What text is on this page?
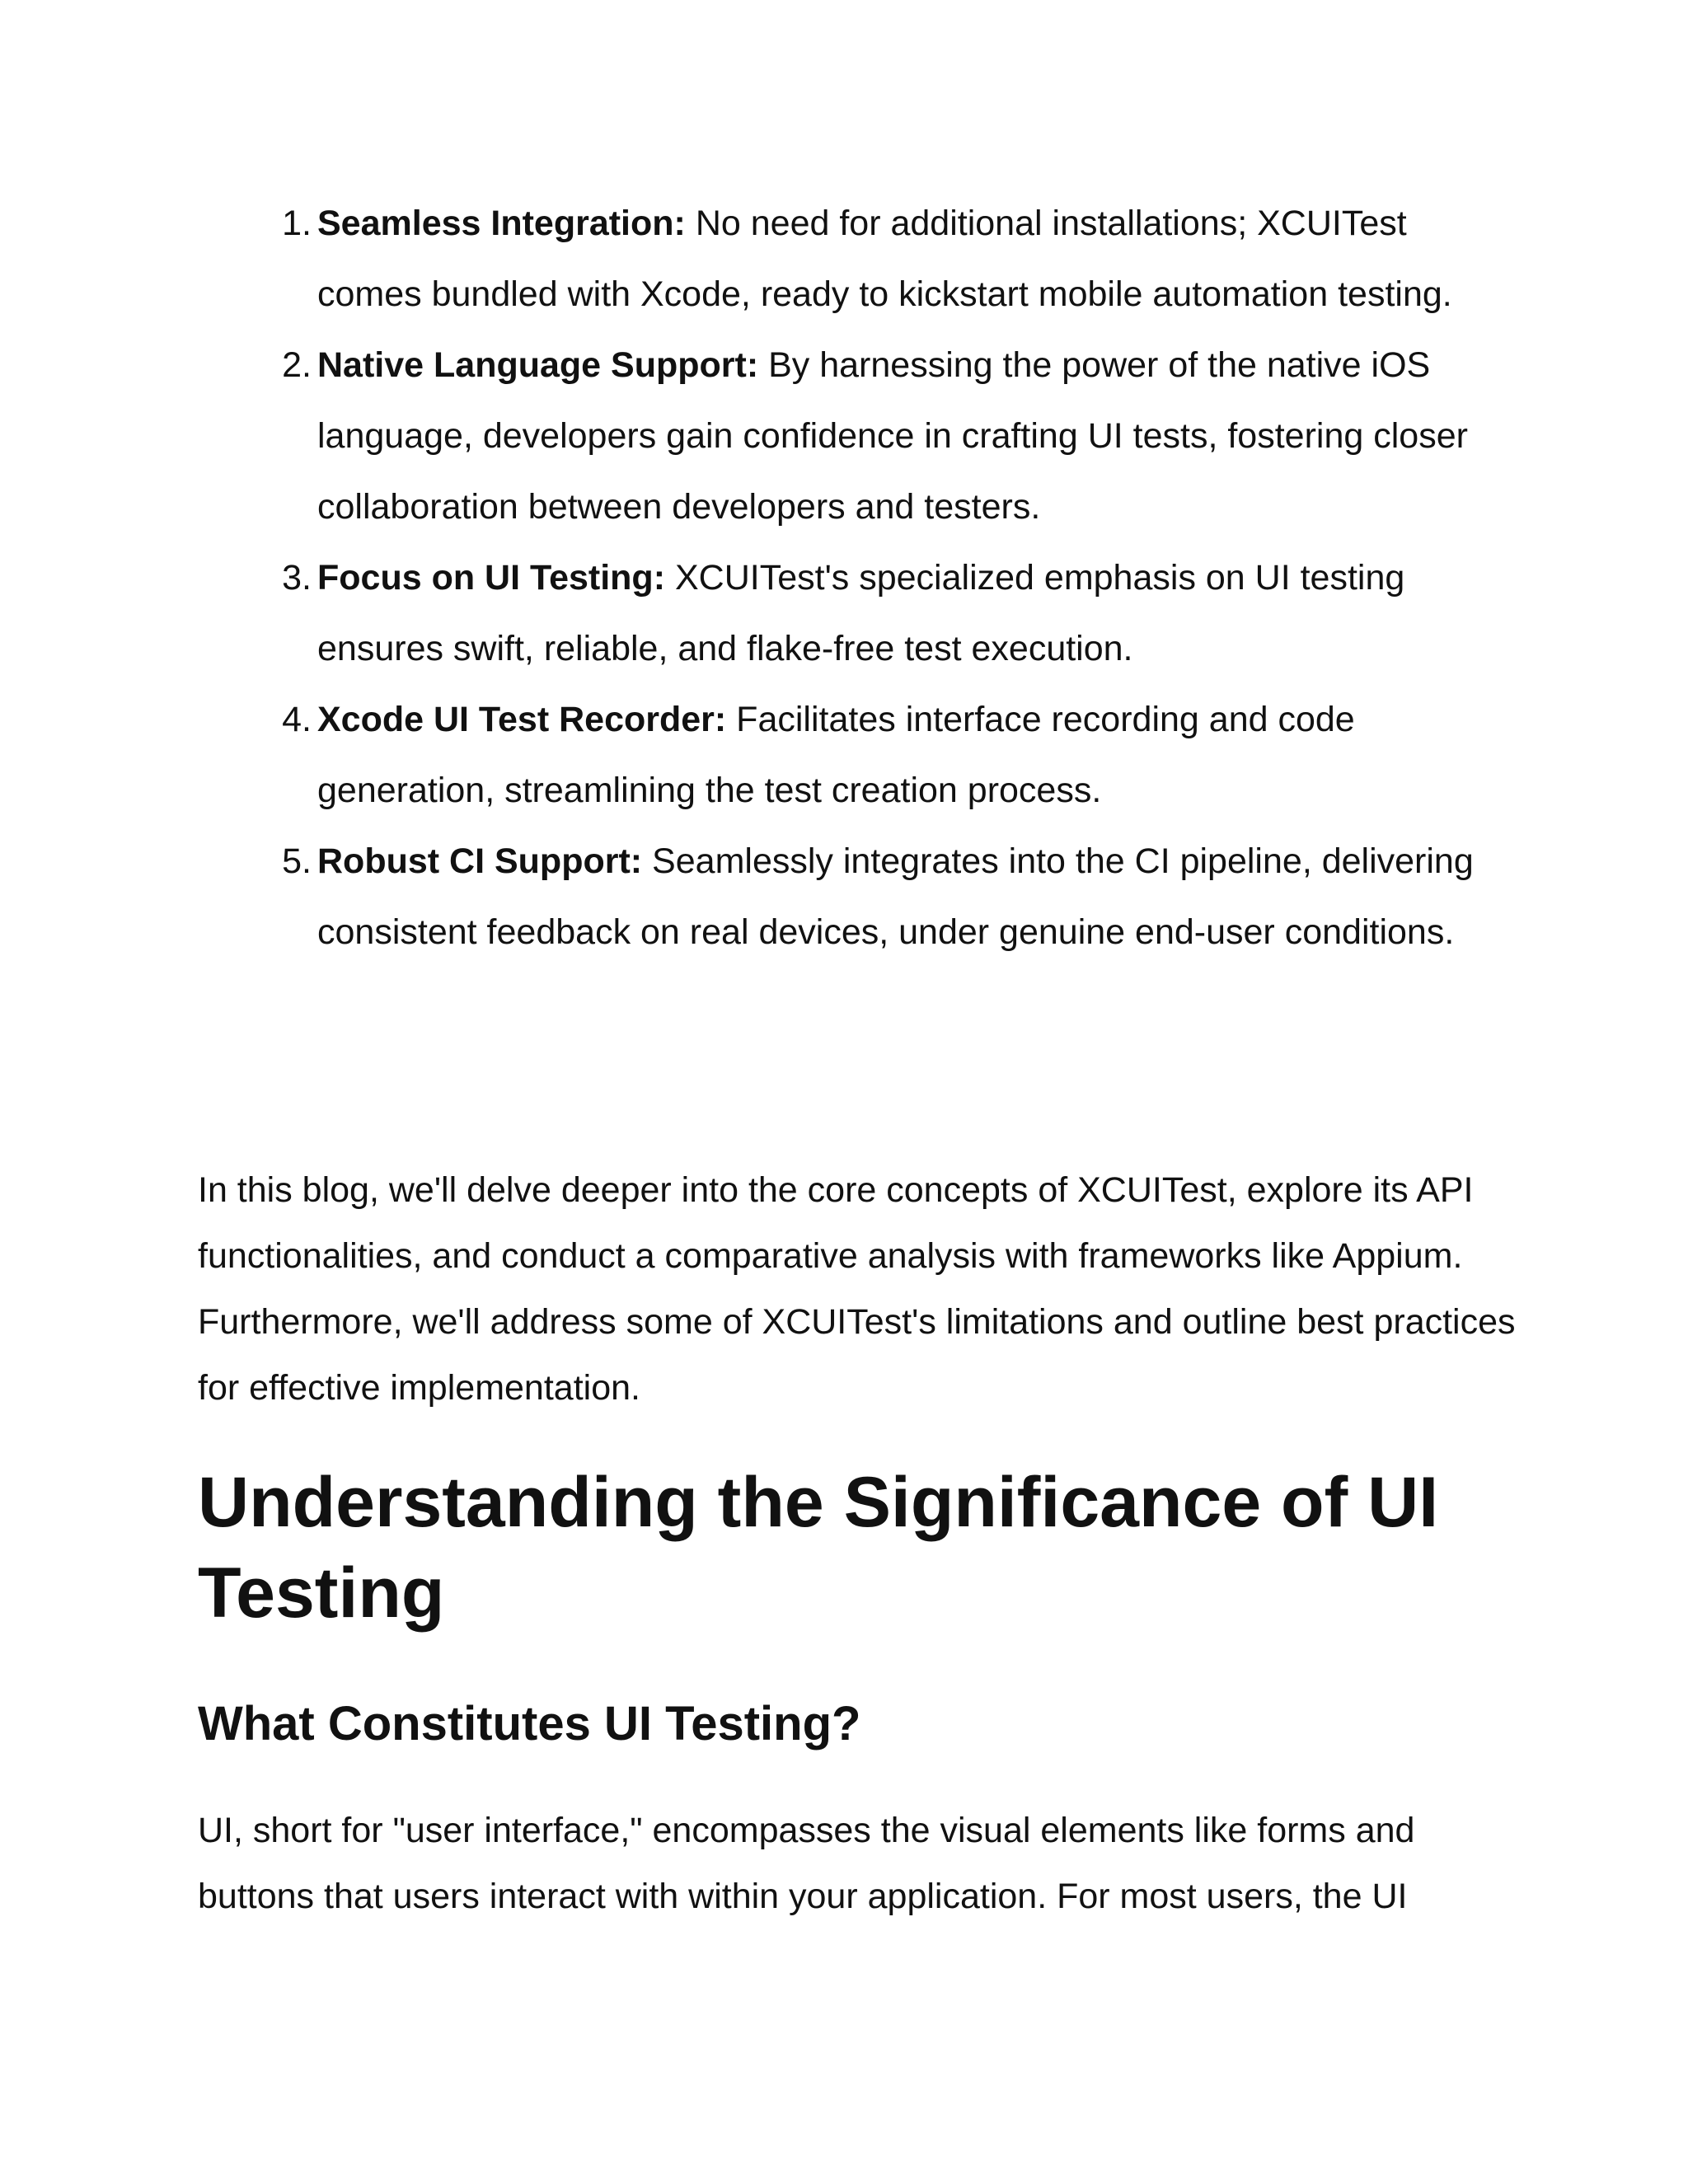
1. Seamless Integration: No need for additional installations; XCUITest comes bundled with Xcode, ready to kickstart mobile automation testing.
2. Native Language Support: By harnessing the power of the native iOS language, developers gain confidence in crafting UI tests, fostering closer collaboration between developers and testers.
3. Focus on UI Testing: XCUITest's specialized emphasis on UI testing ensures swift, reliable, and flake-free test execution.
4. Xcode UI Test Recorder: Facilitates interface recording and code generation, streamlining the test creation process.
5. Robust CI Support: Seamlessly integrates into the CI pipeline, delivering consistent feedback on real devices, under genuine end-user conditions.

In this blog, we'll delve deeper into the core concepts of XCUITest, explore its API functionalities, and conduct a comparative analysis with frameworks like Appium. Furthermore, we'll address some of XCUITest's limitations and outline best practices for effective implementation.

Understanding the Significance of UI Testing
What Constitutes UI Testing?

UI, short for "user interface," encompasses the visual elements like forms and buttons that users interact with within your application. For most users, the UI
